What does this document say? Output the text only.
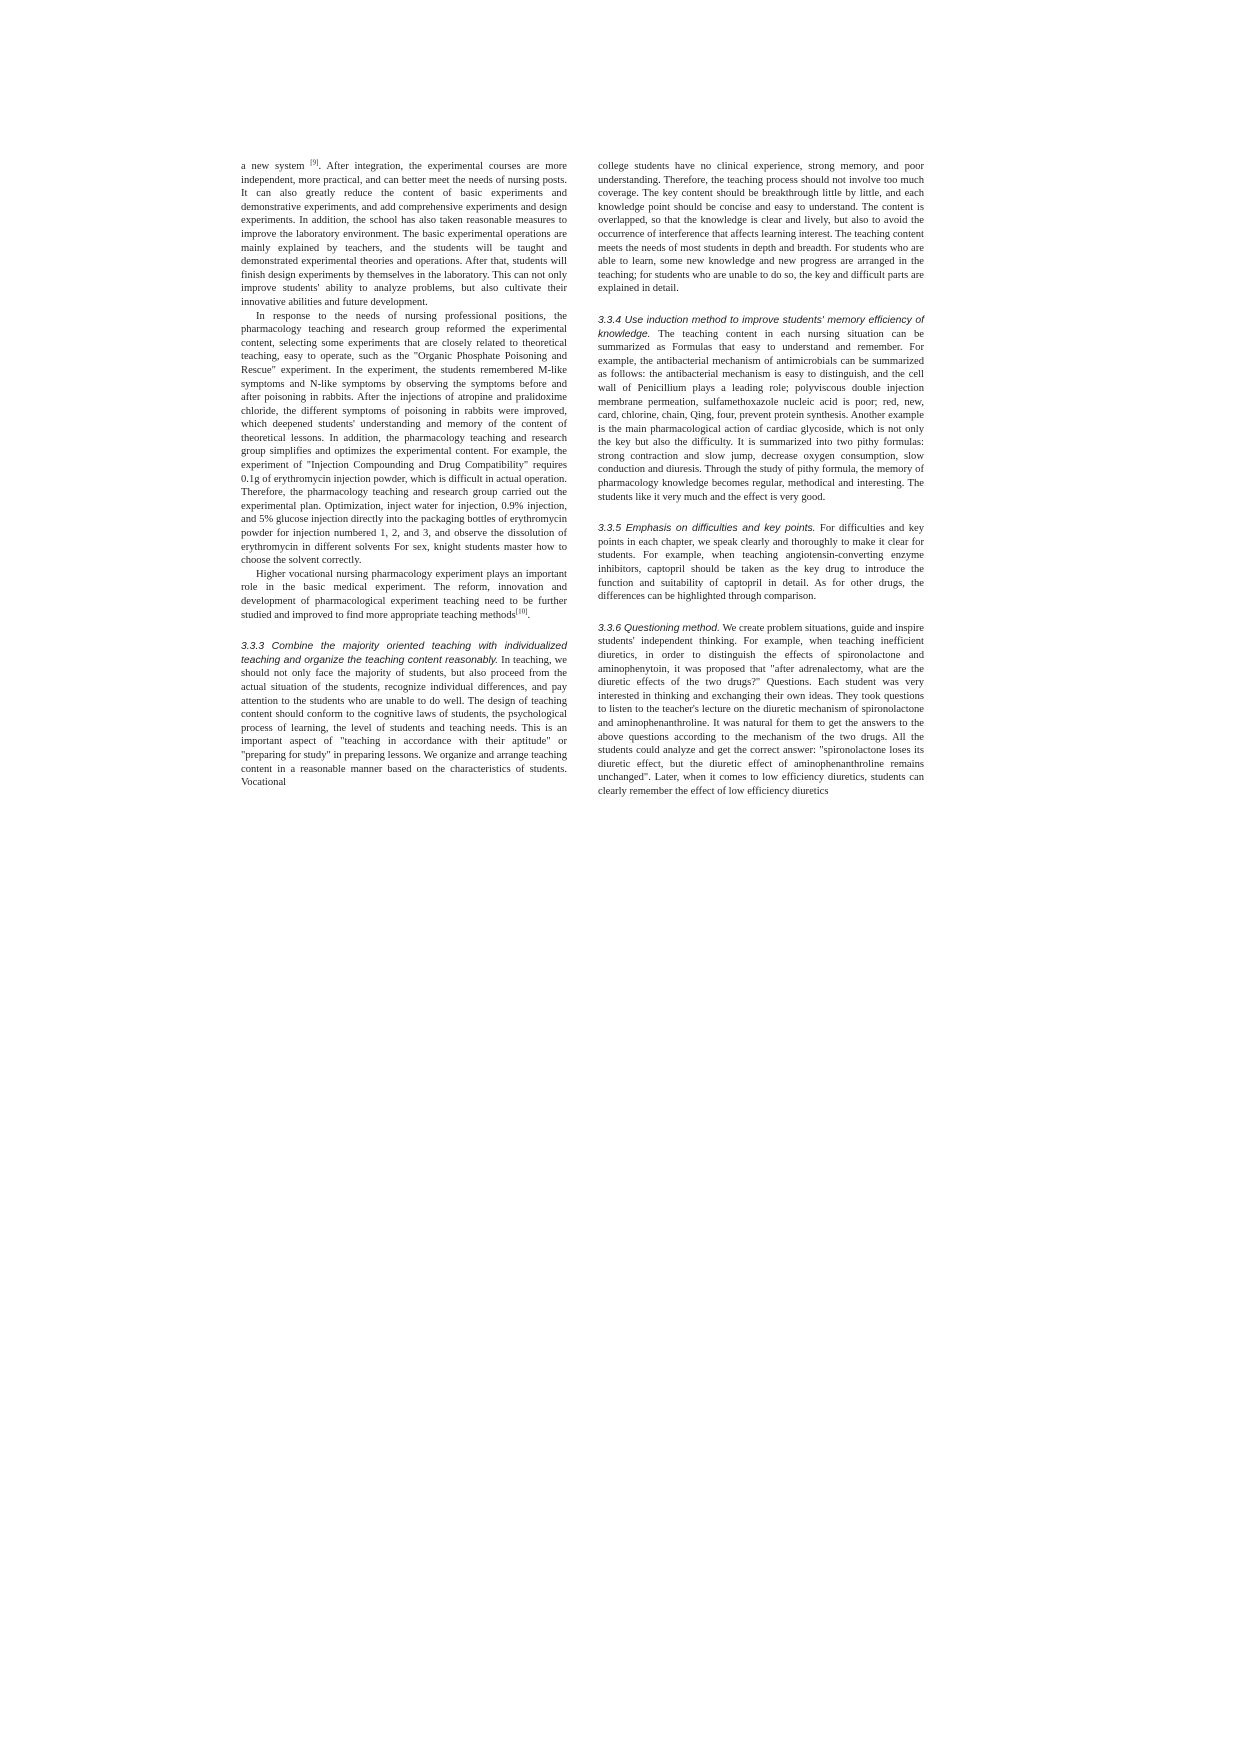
a new system [9]. After integration, the experimental courses are more independent, more practical, and can better meet the needs of nursing posts. It can also greatly reduce the content of basic experiments and demonstrative experiments, and add comprehensive experiments and design experiments. In addition, the school has also taken reasonable measures to improve the laboratory environment. The basic experimental operations are mainly explained by teachers, and the students will be taught and demonstrated experimental theories and operations. After that, students will finish design experiments by themselves in the laboratory. This can not only improve students' ability to analyze problems, but also cultivate their innovative abilities and future development.

In response to the needs of nursing professional positions, the pharmacology teaching and research group reformed the experimental content, selecting some experiments that are closely related to theoretical teaching, easy to operate, such as the "Organic Phosphate Poisoning and Rescue" experiment. In the experiment, the students remembered M-like symptoms and N-like symptoms by observing the symptoms before and after poisoning in rabbits. After the injections of atropine and pralidoxime chloride, the different symptoms of poisoning in rabbits were improved, which deepened students' understanding and memory of the content of theoretical lessons. In addition, the pharmacology teaching and research group simplifies and optimizes the experimental content. For example, the experiment of "Injection Compounding and Drug Compatibility" requires 0.1g of erythromycin injection powder, which is difficult in actual operation. Therefore, the pharmacology teaching and research group carried out the experimental plan. Optimization, inject water for injection, 0.9% injection, and 5% glucose injection directly into the packaging bottles of erythromycin powder for injection numbered 1, 2, and 3, and observe the dissolution of erythromycin in different solvents For sex, knight students master how to choose the solvent correctly.

Higher vocational nursing pharmacology experiment plays an important role in the basic medical experiment. The reform, innovation and development of pharmacological experiment teaching need to be further studied and improved to find more appropriate teaching methods[10].

3.3.3 Combine the majority oriented teaching with individualized teaching and organize the teaching content reasonably. In teaching, we should not only face the majority of students, but also proceed from the actual situation of the students, recognize individual differences, and pay attention to the students who are unable to do well. The design of teaching content should conform to the cognitive laws of students, the psychological process of learning, the level of students and teaching needs. This is an important aspect of "teaching in accordance with their aptitude" or "preparing for study" in preparing lessons. We organize and arrange teaching content in a reasonable manner based on the characteristics of students. Vocational

college students have no clinical experience, strong memory, and poor understanding. Therefore, the teaching process should not involve too much coverage. The key content should be breakthrough little by little, and each knowledge point should be concise and easy to understand. The content is overlapped, so that the knowledge is clear and lively, but also to avoid the occurrence of interference that affects learning interest. The teaching content meets the needs of most students in depth and breadth. For students who are able to learn, some new knowledge and new progress are arranged in the teaching; for students who are unable to do so, the key and difficult parts are explained in detail.

3.3.4 Use induction method to improve students' memory efficiency of knowledge. The teaching content in each nursing situation can be summarized as Formulas that easy to understand and remember. For example, the antibacterial mechanism of antimicrobials can be summarized as follows: the antibacterial mechanism is easy to distinguish, and the cell wall of Penicillium plays a leading role; polyviscous double injection membrane permeation, sulfamethoxazole nucleic acid is poor; red, new, card, chlorine, chain, Qing, four, prevent protein synthesis. Another example is the main pharmacological action of cardiac glycoside, which is not only the key but also the difficulty. It is summarized into two pithy formulas: strong contraction and slow jump, decrease oxygen consumption, slow conduction and diuresis. Through the study of pithy formula, the memory of pharmacology knowledge becomes regular, methodical and interesting. The students like it very much and the effect is very good.

3.3.5 Emphasis on difficulties and key points. For difficulties and key points in each chapter, we speak clearly and thoroughly to make it clear for students. For example, when teaching angiotensin-converting enzyme inhibitors, captopril should be taken as the key drug to introduce the function and suitability of captopril in detail. As for other drugs, the differences can be highlighted through comparison.

3.3.6 Questioning method. We create problem situations, guide and inspire students' independent thinking. For example, when teaching inefficient diuretics, in order to distinguish the effects of spironolactone and aminophenytoin, it was proposed that "after adrenalectomy, what are the diuretic effects of the two drugs?" Questions. Each student was very interested in thinking and exchanging their own ideas. They took questions to listen to the teacher's lecture on the diuretic mechanism of spironolactone and aminophenanthroline. It was natural for them to get the answers to the above questions according to the mechanism of the two drugs. All the students could analyze and get the correct answer: "spironolactone loses its diuretic effect, but the diuretic effect of aminophenanthroline remains unchanged". Later, when it comes to low efficiency diuretics, students can clearly remember the effect of low efficiency diuretics
